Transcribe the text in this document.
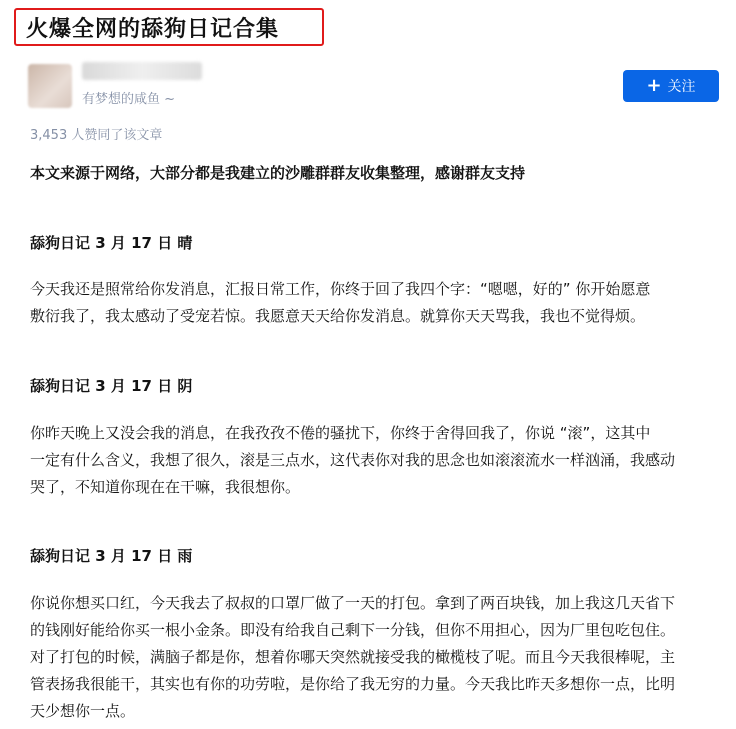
火爆全网的舔狗日记合集
有梦想的咸鱼 ~
+ 关注
3,453 人赞同了该文章
本文来源于网络，大部分都是我建立的沙雕群群友收集整理，感谢群友支持
舔狗日记 3 月 17 日 晴
今天我还是照常给你发消息，汇报日常工作，你终于回了我四个字：“嗯嗯，好的” 你开始愿意
敷衍我了，我太感动了受宠若惊。我愿意天天给你发消息。就算你天天骂我，我也不觉得烦。
舔狗日记 3 月 17 日 阴
你昨天晚上又没会我的消息，在我孜孜不倦的骚扰下，你终于舍得回我了，你说 “滚”，这其中
一定有什么含义，我想了很久，滚是三点水，这代表你对我的思念也如滚滚流水一样汹涌，我感动
哭了，不知道你现在在干嘛，我很想你。
舔狗日记 3 月 17 日 雨
你说你想买口红，今天我去了叔叔的口罩厂做了一天的打包。拿到了两百块钱，加上我这几天省下
的钱刚好能给你买一根小金条。即没有给我自己剩下一分钱，但你不用担心，因为厂里包吃包住。
对了打包的时候，满脑子都是你，想着你哪天突然就接受我的橄榄枝了呢。而且今天我很棒呢，主
管表扬我很能干，其实也有你的功劳啦，是你给了我无穷的力量。今天我比昨天多想你一点，比明
天少想你一点。
